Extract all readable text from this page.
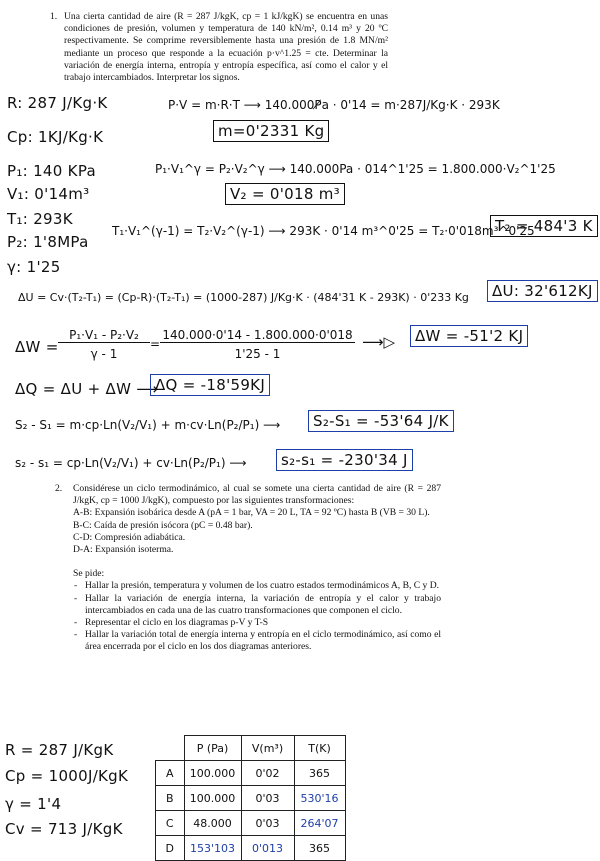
1. Una cierta cantidad de aire (R = 287 J/kgK, cp = 1 kJ/kgK) se encuentra en unas condiciones de presión, volumen y temperatura de 140 kN/m², 0.14 m³ y 20 ºC respectivamente. Se comprime reversiblemente hasta una presión de 1.8 MN/m² mediante un proceso que responde a la ecuación p·v^1.25 = cte. Determinar la variación de energía interna, entropía y entropía específica, así como el calor y el trabajo intercambiados. Interpretar los signos.
R: 287 J/Kg·K
Cp: 1KJ/Kg·K
P₁: 140 KPa
V₁: 0'14m³
T₁: 293K
P₂: 1'8MPa
γ: 1'25
P·V = m·R·T ⟶ 140.000P̸a · 0'14 = m·287J/Kg·K · 293K
m=0'2331 Kg
P₁·V₁^γ = P₂·V₂^γ ⟶ 140.000Pa · 014^1'25 = 1.800.000·V₂^1'25
V₂ = 0'018 m³
T₁·V₁^(γ-1) = T₂·V₂^(γ-1) ⟶ 293K · 0'14 m³^0'25 = T₂·0'018m³^0'25
T₂ = 484'3 K
ΔU = Cv·(T₂-T₁) = (Cp-R)·(T₂-T₁) = (1000-287) J/Kg·K · (484'31 K - 293K) · 0'233 Kg	ΔU: 32'612KJ
ΔW =
P₁·V₁ - P₂·V₂
γ - 1
=
140.000·0'14 - 1.800.000·0'018
1'25 - 1
⟶▷	ΔW = -51'2 KJ
ΔQ = ΔU + ΔW ⟶
ΔQ = -18'59KJ
S₂ - S₁ = m·cp·Ln(V₂/V₁) + m·cv·Ln(P₂/P₁) ⟶	S₂-S₁ = -53'64 J/K
s₂ - s₁ = cp·Ln(V₂/V₁) + cv·Ln(P₂/P₁) ⟶	s₂-s₁ = -230'34 J
2.	Considérese un ciclo termodinámico, al cual se somete una cierta cantidad de aire (R = 287 J/kgK, cp = 1000 J/kgK), compuesto por las siguientes transformaciones:
A-B: Expansión isobárica desde A (pA = 1 bar, VA = 20 L, TA = 92 ºC) hasta B (VB = 30 L).
B-C: Caída de presión isócora (pC = 0.48 bar).
C-D: Compresión adiabática.
D-A: Expansión isoterma.
Se pide:
- Hallar la presión, temperatura y volumen de los cuatro estados termodinámicos A, B, C y D.
- Hallar la variación de energía interna, la variación de entropía y el calor y trabajo intercambiados en cada una de las cuatro transformaciones que componen el ciclo.
- Representar el ciclo en los diagramas p-V y T-S
- Hallar la variación total de energía interna y entropía en el ciclo termodinámico, así como el área encerrada por el ciclo en los dos diagramas anteriores.
R = 287 J/KgK
Cp = 1000J/KgK
γ = 1'4
Cv = 713 J/KgK
	P (Pa)	V(m³)	T(K)
A	100.000	0'02	365
B	100.000	0'03	530'16
C	48.000	0'03	264'07
D	153'103	0'013	365
